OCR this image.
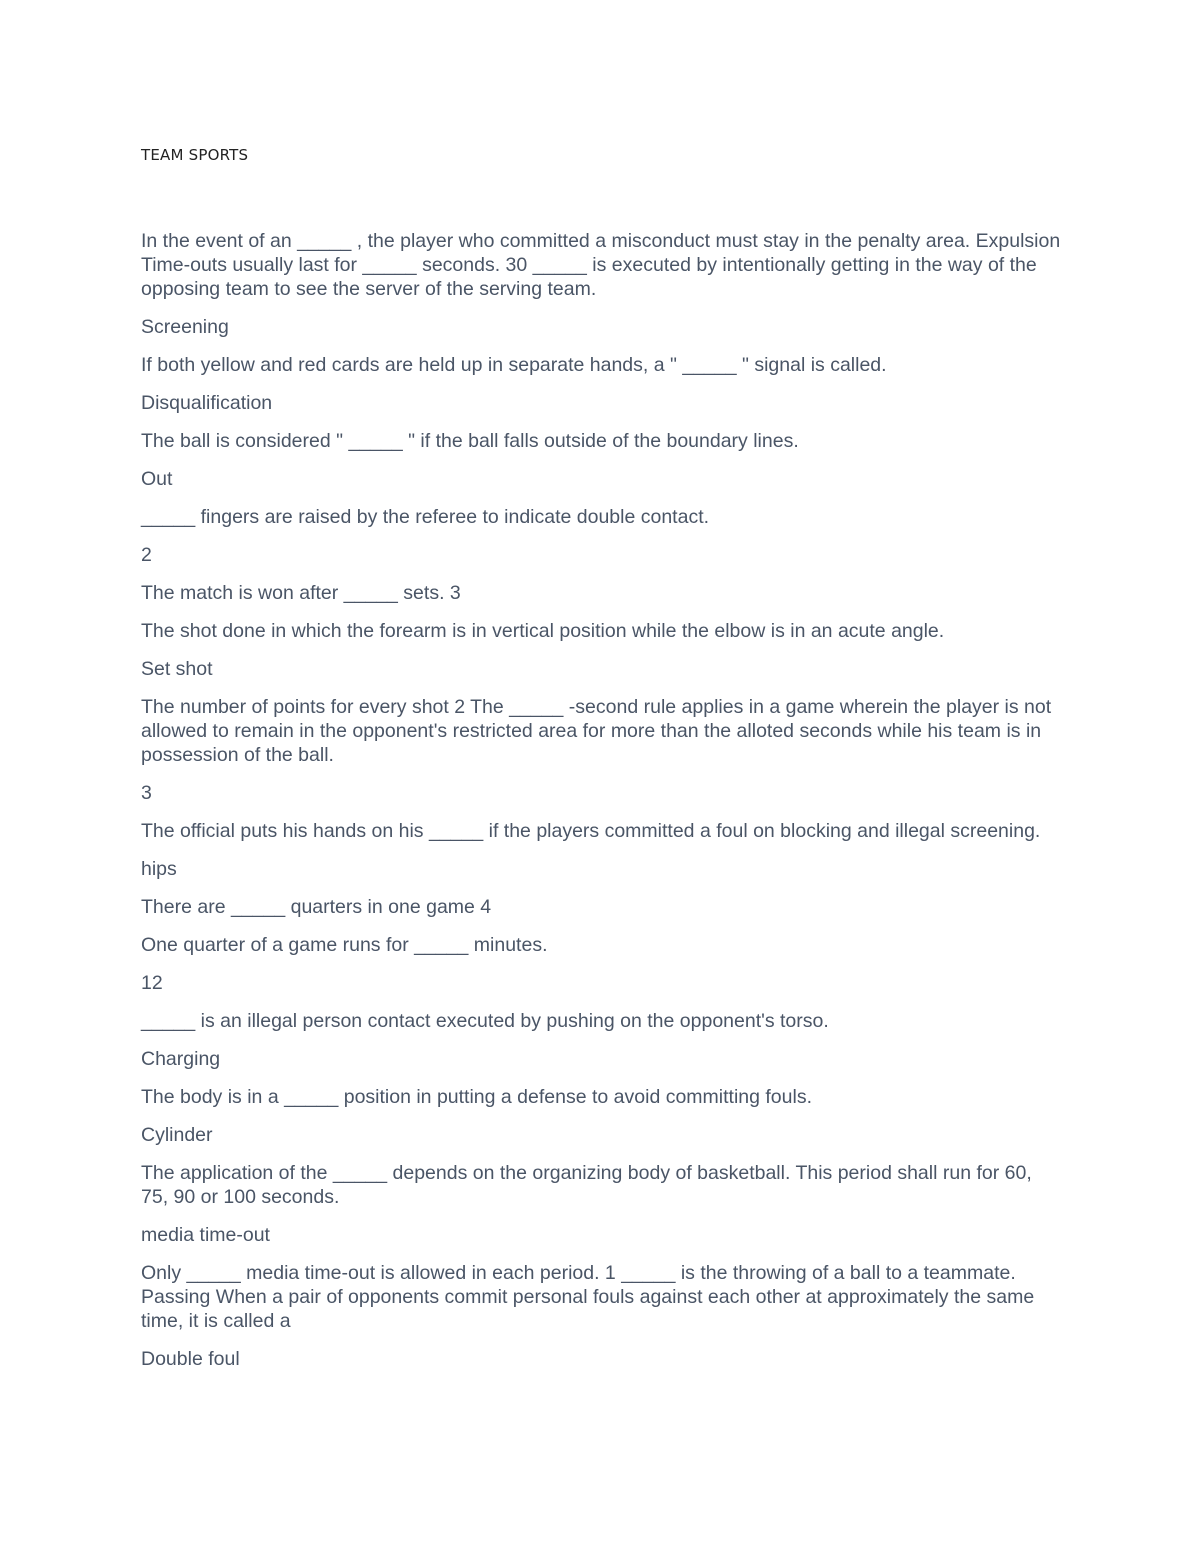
TEAM SPORTS

In the event of an _____ , the player who committed a misconduct must stay in the penalty area. Expulsion Time-outs usually last for _____ seconds. 30 _____ is executed by intentionally getting in the way of the opposing team to see the server of the serving team.

Screening

If both yellow and red cards are held up in separate hands, a " _____ " signal is called.

Disqualification

The ball is considered " _____ " if the ball falls outside of the boundary lines.

Out

_____ fingers are raised by the referee to indicate double contact.

2

The match is won after _____ sets. 3

The shot done in which the forearm is in vertical position while the elbow is in an acute angle.

Set shot

The number of points for every shot 2 The _____ -second rule applies in a game wherein the player is not allowed to remain in the opponent's restricted area for more than the alloted seconds while his team is in possession of the ball.

3

The official puts his hands on his _____ if the players committed a foul on blocking and illegal screening.

hips

There are _____ quarters in one game 4

One quarter of a game runs for _____ minutes.

12

_____ is an illegal person contact executed by pushing on the opponent's torso.

Charging

The body is in a _____ position in putting a defense to avoid committing fouls.

Cylinder

The application of the _____ depends on the organizing body of basketball. This period shall run for 60, 75, 90 or 100 seconds.

media time-out

Only _____ media time-out is allowed in each period. 1 _____ is the throwing of a ball to a teammate. Passing When a pair of opponents commit personal fouls against each other at approximately the same time, it is called a

Double foul
